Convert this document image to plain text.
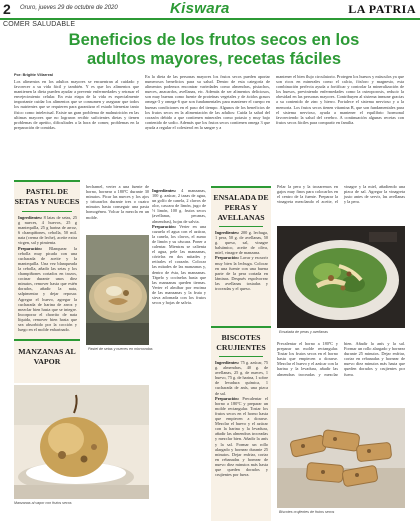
2 Oruro, jueves 29 de octubre de 2020	Kiswara	LA PATRIA
COMER SALUDABLE
Beneficios de los frutos secos en los
adultos mayores, recetas fáciles
Por: Brigitte Villarreal
Los alimentos en los adultos mayores se encuentran al cuidado y favorecer a su vida fácil y también. Y es que los alimentos que mantienen la dieta pueden ayudar a prevenir enfermedades y retrasar el envejecimiento celular. En esta etapa de la vida es especialmente importante cuidar los alimentos que se consumen y asegurar que todos los nutrientes que se requieren para garantizar el estado bienestar tanto físico como intelectual. Existe un gran problema de malnutrición en las ultimas mayores que no lograron recibir suficientes dietas y tienen problemas de apetito, dificultades a la hora de comer, problemas en la preparación de comidas.
En la dieta de las personas mayores los frutos secos pueden aportar numerosos beneficios para su salud. Dentro de esta categoría de alimentos podemos encontrar variedades como almendras, pistachos, nueces, anacardos, avellanas, etc. Además de ser alimentos deliciosos, son muy buenas como fuente de proteínas vegetales y de ácidos grasos omega-3 y omega-6 que son fundamentales para mantener el cuerpo en buenas condiciones en el paso del tiempo. Algunos de los beneficios de los frutos secos en la alimentación de las adultos: Cuida la salud del corazón debido a que contienen minerales como potasio y muy bajo contenido de sodio. Además que los frutos secos contienen omega 3 que ayuda a regular el colesterol en la sangre y a
mantener el bien flujo circulatorio. Protegen los huesos y músculos ya que son ricos en minerales como el calcio, fósforo y magnesio, esta combinación perfecta ayuda a fortificar y controlar la mineralización de los huesos, previniendo enfermedades como la osteoporosis, reducir la obesidad en las personas mayores. Contribuyen al sistema inmune gracias a su contenido de zinc y hierro. Fortalece el sistema nervioso y a la memoria. Los frutos secos tienen vitamina B, que son fundamentales para el sistema nervioso, ayuda a mantener el equilibrio hormonal favoreciendo la salud del cerebro. A continuación algunas recetas con frutos secos fáciles para compartir en familia.
PASTEL DE
SETAS Y NUECES
Ingredientes: 8 latas de setas, 25 g nueces, 4 huevos, 25 g mantequilla, 25 g harina de arroz, 6 champiñones, cebolla, 50 mil. nata (crema de leche), aceite extra virgen, sal y pimienta.
Preparación: Blanquear la cebolla muy picada con una cucharada de aceite y la mantequilla. Una vez blanqueada la cebolla, añadir las setas y los champiñones cortados en trozos, cocinar durante unos diez minutos, remover hasta que estén dorados, añadir la nata, salpimentar y dejar reposar. Agregar el huevo, agregar la cucharada de harina de arroz y mezclar bien hasta que se integre. Incorporar el chorrito de nata líquida, remover bien hasta que sea absorbido por la cocción y luego en el molde enharinado.
bechamel, verter a una fuente de horno, hornear a 180ºC durante 30 minutos. Picar las nueces y los ajos y triturarlos durante tres o cuatro minutos hasta conseguir una pasta homogénea. Volcar la mezcla en un molde.
Pastel de setas y nueces en microondas
Ingredientes: 4 manzanas, 100 g. azúcar, 2 tazas de agua, un golfo de canela, 2 clavos de olor, cascara de limón, jugo de ½ limón, 100 g. frutos secos (avellanas, pecanas, almendras), hojas de salvia.
Preparación: Verter en una cazuela el agua con el azúcar, la canela, los clavos, el zumo de limón y su cáscara. Poner a calentar. Mientras se calienta el agua, pele las manzanas, córtelas en dos mitades y retírales el corazón. Colocar las mitades de las manzanas y, dentro de ésta, las manzanas. Tápelo y cocínelas hasta que las manzanas queden tiernas. Verter el almíbar por encima de las manzanas y la fruta y sirva adornada con los frutos secos y hojas de salvia.
MANZANAS AL
VAPOR
Manzanas al vapor con frutos secos
ENSALADA DE
PERAS Y
AVELLANAS
Ingredientes: 200 g. lechuga, 1 pera, 50 g. de avellanas, 50 g. queso, sal, vinagre balsámico, aceite de oliva, miel, vinagre de manzana.
Preparación: Lavar y escurrir muy bien la lechuga. Colocar en una fuente con una buena parte de la pera cortada en láminas. Después espolvorear las avellanas tostadas y troceadas y el queso.
Pelar la pera y la trozaremos en gajos muy finos para colocarlos en el centro de la fuente. Preparar la vinagreta mezclando el aceite, el vinagre y la miel, añadiendo una pizca de sal. Agregar la vinagreta justo antes de servir, las avellanas y la pera.
Ensalada de peras y avellanas
BISCOTES
CRUJIENTES
Ingredientes: 75 g. azúcar, 75 g. almendras, 40 g. de avellanas, 25 g. de nueces, 1 huevo, 75 g. de harina, 1 sobre de levadura química, 1 cucharada de anís, una pizca de sal.
Preparación: Precalentar el horno a 180ºC y preparar un molde rectangular. Tostar los frutos secos en el horno hasta que empiecen a dorarse. Mezclar el huevo y el azúcar con la harina y la levadura, añadir las almendras troceadas y mezclar bien. Añadir la anís y la sal. Formar un rollo alargado y hornear durante 25 minutos. Dejar enfriar, cortar en rebanadas y hornear de nuevo diez minutos más hasta que queden dorados y crujientes por fuera.
Precalentar el horno a 180ºC y preparar un molde rectangular. Tostar los frutos secos en el horno hasta que empiecen a dorarse. Mezclar el huevo y el azúcar con la harina y la levadura, añadir las almendras troceadas y mezclar bien. Añadir la anís y la sal. Formar un rollo alargado y hornear durante 25 minutos. Dejar enfriar, cortar en rebanadas y hornear de nuevo diez minutos más hasta que queden dorados y crujientes por fuera.
Biscotes crujientes de frutos secos
